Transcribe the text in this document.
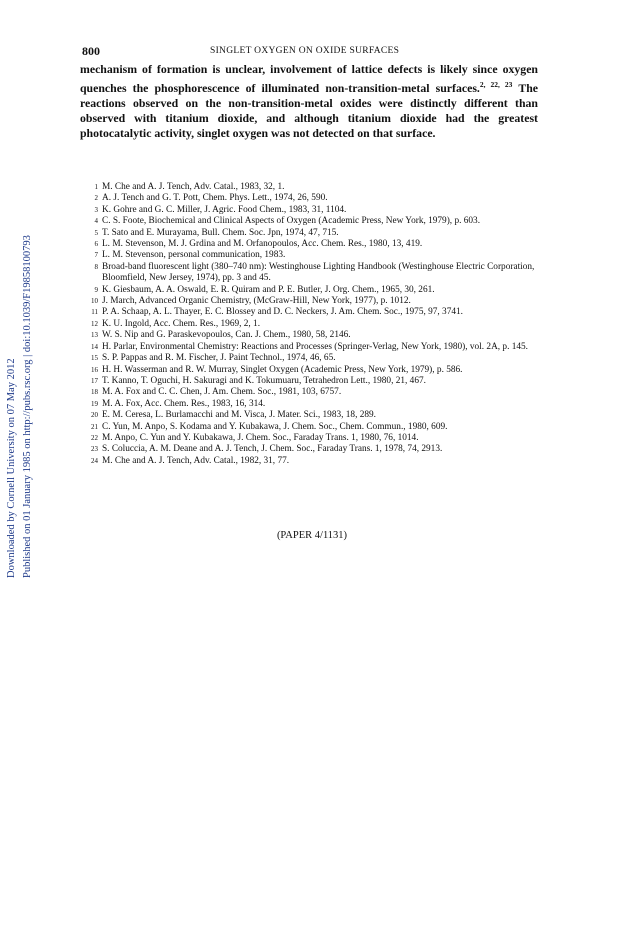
Downloaded by Cornell University on 07 May 2012 Published on 01 January 1985 on http://pubs.rsc.org | doi:10.1039/F19858100793
800	SINGLET OXYGEN ON OXIDE SURFACES
mechanism of formation is unclear, involvement of lattice defects is likely since oxygen quenches the phosphorescence of illuminated non-transition-metal surfaces.$^{2, 22, 23}$ The reactions observed on the non-transition-metal oxides were distinctly different than observed with titanium dioxide, and although titanium dioxide had the greatest photocatalytic activity, singlet oxygen was not detected on that surface.
1 M. Che and A. J. Tench, Adv. Catal., 1983, 32, 1.
2 A. J. Tench and G. T. Pott, Chem. Phys. Lett., 1974, 26, 590.
3 K. Gohre and G. C. Miller, J. Agric. Food Chem., 1983, 31, 1104.
4 C. S. Foote, Biochemical and Clinical Aspects of Oxygen (Academic Press, New York, 1979), p. 603.
5 T. Sato and E. Murayama, Bull. Chem. Soc. Jpn, 1974, 47, 715.
6 L. M. Stevenson, M. J. Grdina and M. Orfanopoulos, Acc. Chem. Res., 1980, 13, 419.
7 L. M. Stevenson, personal communication, 1983.
8 Broad-band fluorescent light (380–740 nm): Westinghouse Lighting Handbook (Westinghouse Electric Corporation, Bloomfield, New Jersey, 1974), pp. 3 and 45.
9 K. Giesbaum, A. A. Oswald, E. R. Quiram and P. E. Butler, J. Org. Chem., 1965, 30, 261.
10 J. March, Advanced Organic Chemistry, (McGraw-Hill, New York, 1977), p. 1012.
11 P. A. Schaap, A. L. Thayer, E. C. Blossey and D. C. Neckers, J. Am. Chem. Soc., 1975, 97, 3741.
12 K. U. Ingold, Acc. Chem. Res., 1969, 2, 1.
13 W. S. Nip and G. Paraskevopoulos, Can. J. Chem., 1980, 58, 2146.
14 H. Parlar, Environmental Chemistry: Reactions and Processes (Springer-Verlag, New York, 1980), vol. 2A, p. 145.
15 S. P. Pappas and R. M. Fischer, J. Paint Technol., 1974, 46, 65.
16 H. H. Wasserman and R. W. Murray, Singlet Oxygen (Academic Press, New York, 1979), p. 586.
17 T. Kanno, T. Oguchi, H. Sakuragi and K. Tokumuaru, Tetrahedron Lett., 1980, 21, 467.
18 M. A. Fox and C. C. Chen, J. Am. Chem. Soc., 1981, 103, 6757.
19 M. A. Fox, Acc. Chem. Res., 1983, 16, 314.
20 E. M. Ceresa, L. Burlamacchi and M. Visca, J. Mater. Sci., 1983, 18, 289.
21 C. Yun, M. Anpo, S. Kodama and Y. Kubakawa, J. Chem. Soc., Chem. Commun., 1980, 609.
22 M. Anpo, C. Yun and Y. Kubakawa, J. Chem. Soc., Faraday Trans. 1, 1980, 76, 1014.
23 S. Coluccia, A. M. Deane and A. J. Tench, J. Chem. Soc., Faraday Trans. 1, 1978, 74, 2913.
24 M. Che and A. J. Tench, Adv. Catal., 1982, 31, 77.
(PAPER 4/1131)
